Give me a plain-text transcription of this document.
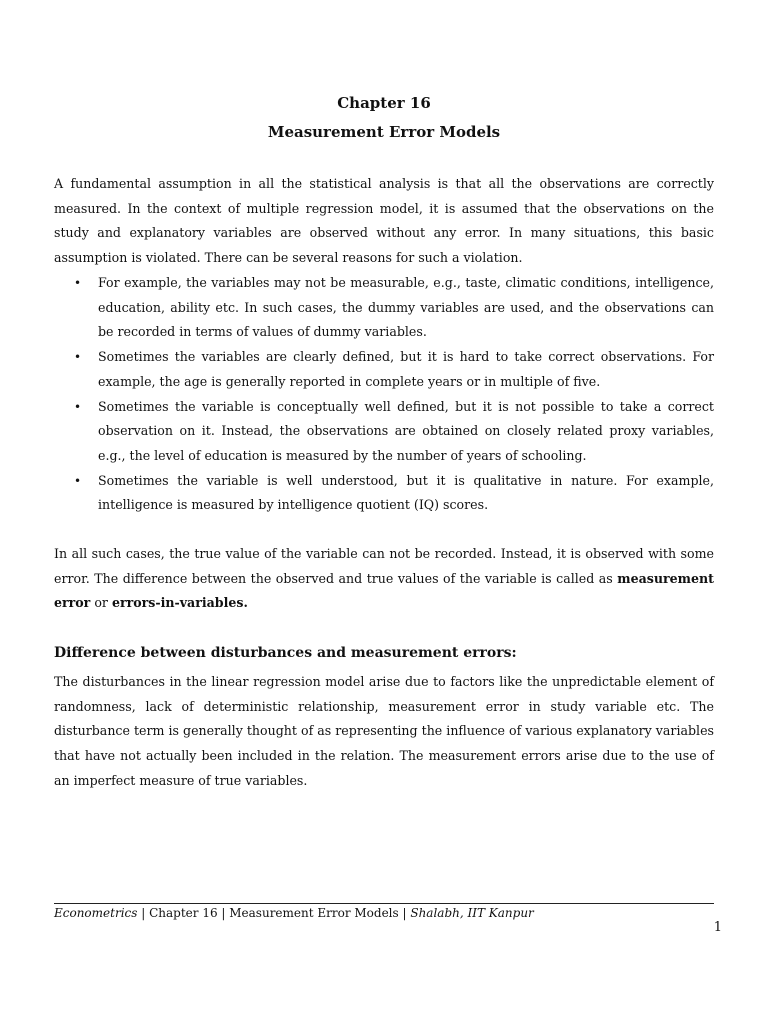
Chapter 16
Measurement Error Models

A fundamental assumption in all the statistical analysis is that all the observations are correctly measured. In the context of multiple regression model, it is assumed that the observations on the study and explanatory variables are observed without any error. In many situations, this basic assumption is violated. There can be several reasons for such a violation.

• For example, the variables may not be measurable, e.g., taste, climatic conditions, intelligence, education, ability etc. In such cases, the dummy variables are used, and the observations can be recorded in terms of values of dummy variables.
• Sometimes the variables are clearly defined, but it is hard to take correct observations. For example, the age is generally reported in complete years or in multiple of five.
• Sometimes the variable is conceptually well defined, but it is not possible to take a correct observation on it. Instead, the observations are obtained on closely related proxy variables, e.g., the level of education is measured by the number of years of schooling.
• Sometimes the variable is well understood, but it is qualitative in nature. For example, intelligence is measured by intelligence quotient (IQ) scores.

In all such cases, the true value of the variable can not be recorded. Instead, it is observed with some error. The difference between the observed and true values of the variable is called as measurement error or errors-in-variables.

Difference between disturbances and measurement errors:

The disturbances in the linear regression model arise due to factors like the unpredictable element of randomness, lack of deterministic relationship, measurement error in study variable etc. The disturbance term is generally thought of as representing the influence of various explanatory variables that have not actually been included in the relation. The measurement errors arise due to the use of an imperfect measure of true variables.

Econometrics | Chapter 16 | Measurement Error Models | Shalabh, IIT Kanpur
1
